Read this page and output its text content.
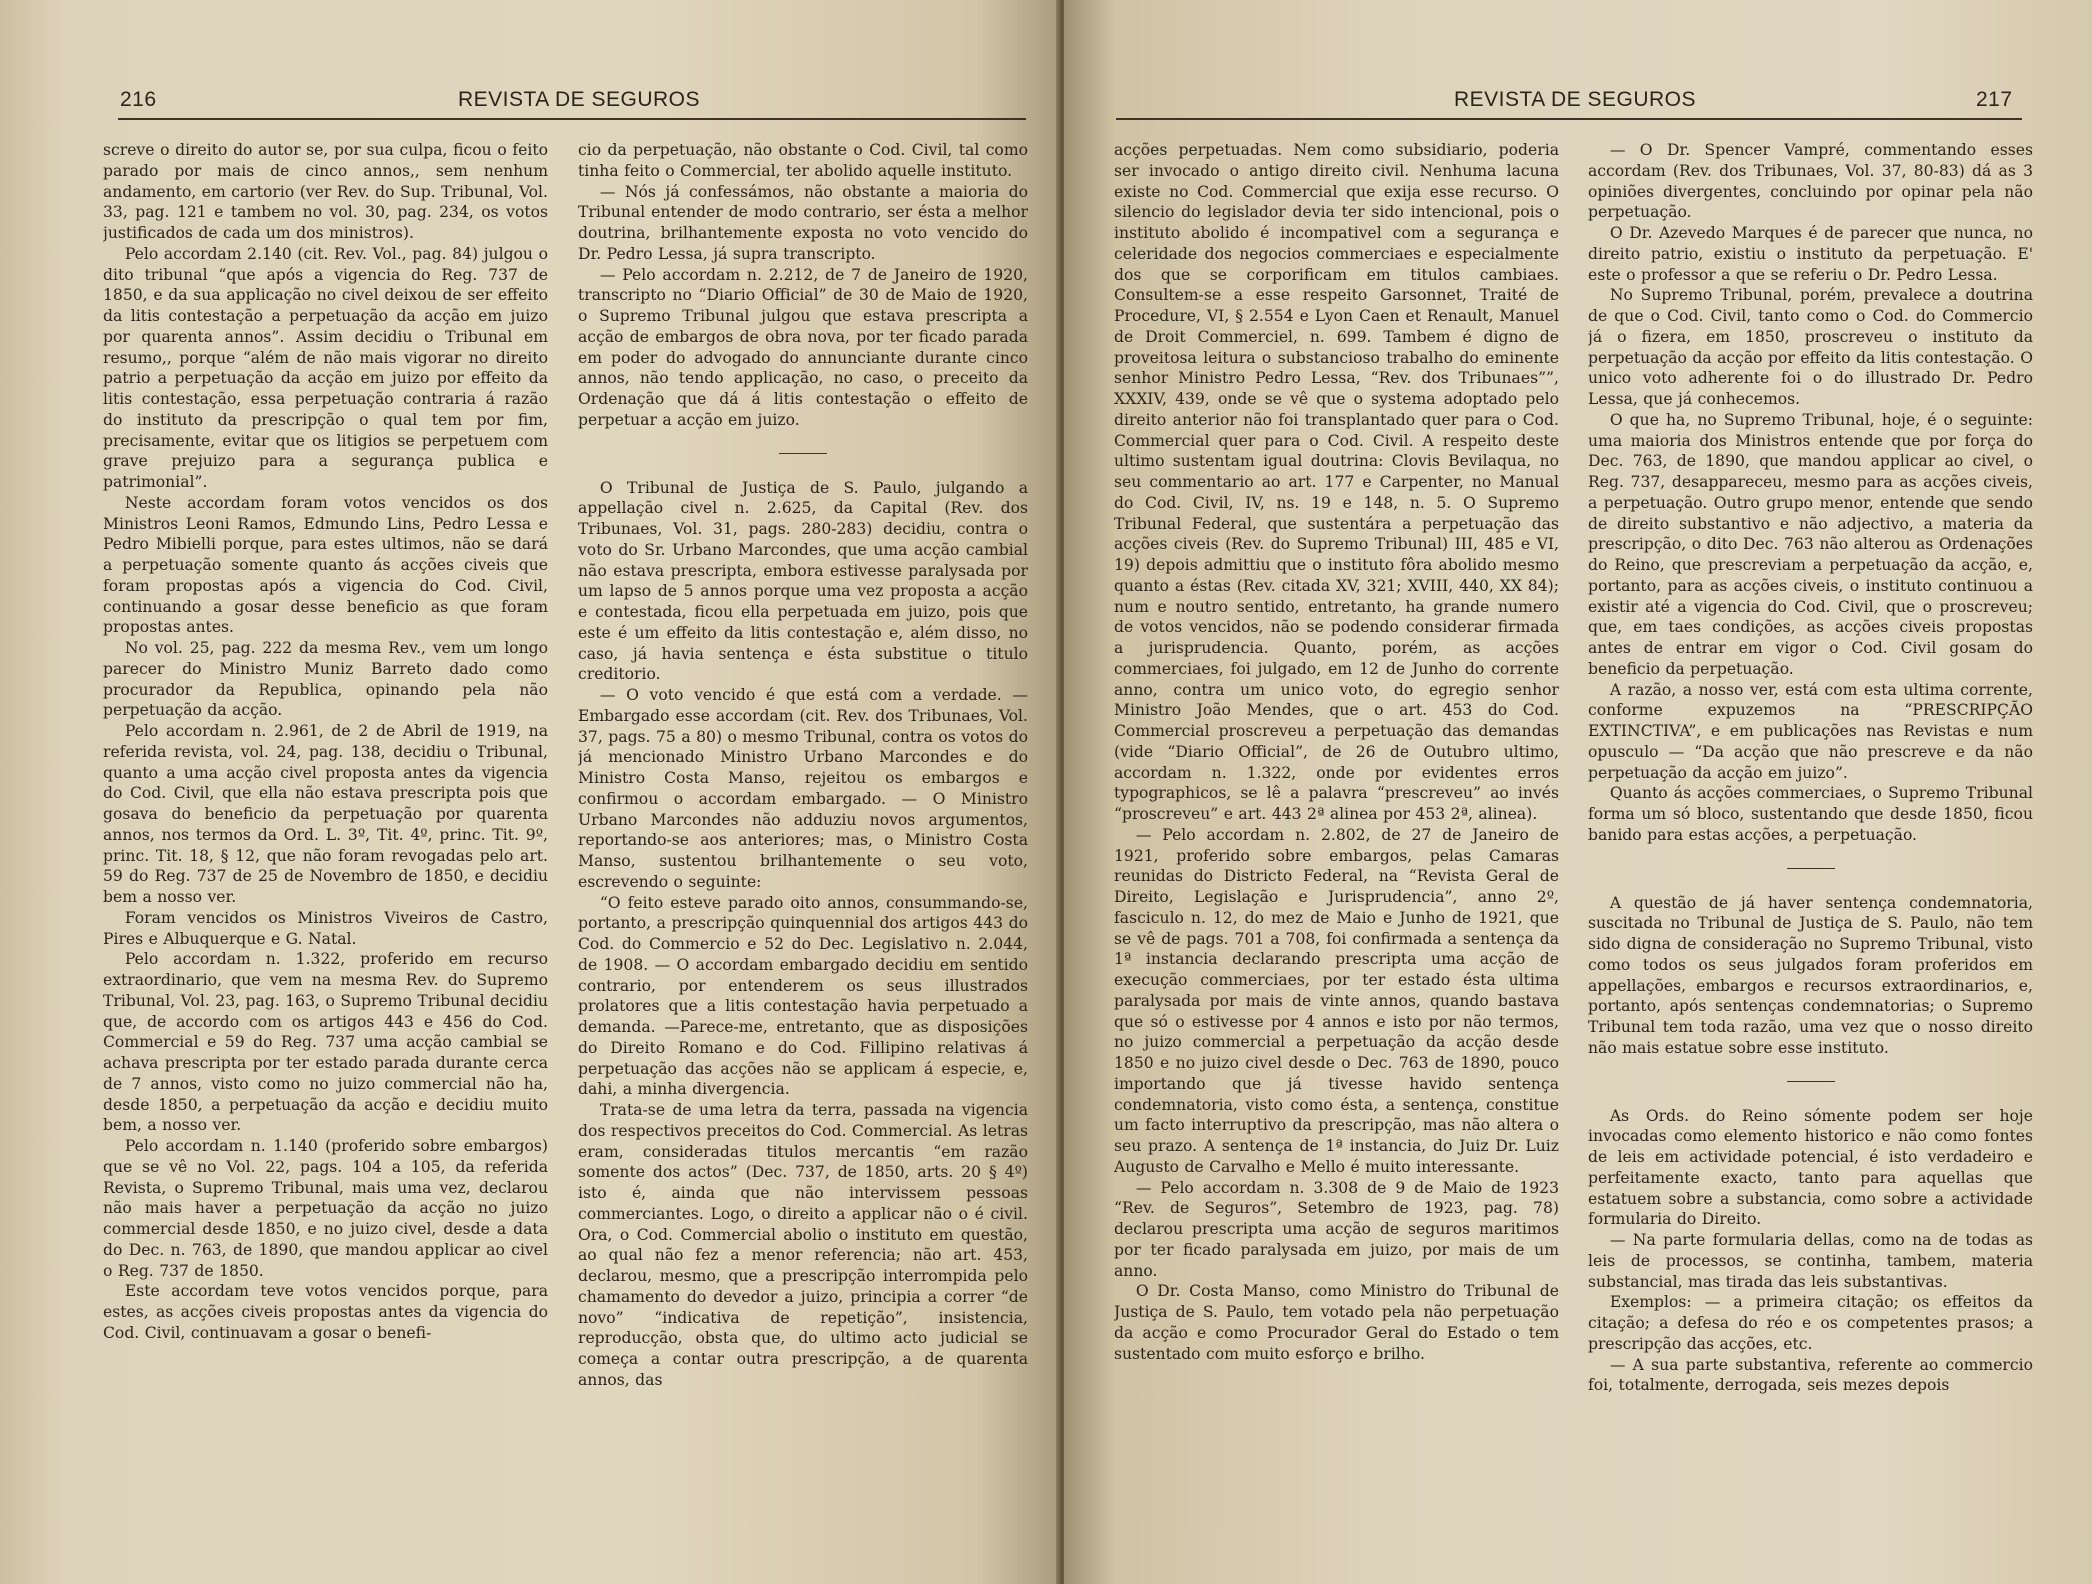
216	REVISTA DE SEGUROS

screve o direito do autor se, por sua culpa, ficou o feito parado por mais de cinco annos,, sem nenhum andamento, em cartorio (ver Rev. do Sup. Tribunal, Vol. 33, pag. 121 e tambem no vol. 30, pag. 234, os votos justificados de cada um dos ministros).

Pelo accordam 2.140 (cit. Rev. Vol., pag. 84) julgou o dito tribunal “que após a vigencia do Reg. 737 de 1850, e da sua applicação no civel deixou de ser effeito da litis contestação a perpetuação da acção em juizo por quarenta annos”. Assim decidiu o Tribunal em resumo,, porque “além de não mais vigorar no direito patrio a perpetuação da acção em juizo por effeito da litis contestação, essa perpetuação contraria á razão do instituto da prescripção o qual tem por fim, precisamente, evitar que os litigios se perpetuem com grave prejuizo para a segurança publica e patrimonial”.

Neste accordam foram votos vencidos os dos Ministros Leoni Ramos, Edmundo Lins, Pedro Lessa e Pedro Mibielli porque, para estes ultimos, não se dará a perpetuação somente quanto ás acções civeis que foram propostas após a vigencia do Cod. Civil, continuando a gosar desse beneficio as que foram propostas antes.

No vol. 25, pag. 222 da mesma Rev., vem um longo parecer do Ministro Muniz Barreto dado como procurador da Republica, opinando pela não perpetuação da acção.

Pelo accordam n. 2.961, de 2 de Abril de 1919, na referida revista, vol. 24, pag. 138, decidiu o Tribunal, quanto a uma acção civel proposta antes da vigencia do Cod. Civil, que ella não estava prescripta pois que gosava do beneficio da perpetuação por quarenta annos, nos termos da Ord. L. 3º, Tit. 4º, princ. Tit. 9º, princ. Tit. 18, § 12, que não foram revogadas pelo art. 59 do Reg. 737 de 25 de Novembro de 1850, e decidiu bem a nosso ver.

Foram vencidos os Ministros Viveiros de Castro, Pires e Albuquerque e G. Natal.

Pelo accordam n. 1.322, proferido em recurso extraordinario, que vem na mesma Rev. do Supremo Tribunal, Vol. 23, pag. 163, o Supremo Tribunal decidiu que, de accordo com os artigos 443 e 456 do Cod. Commercial e 59 do Reg. 737 uma acção cambial se achava prescripta por ter estado parada durante cerca de 7 annos, visto como no juizo commercial não ha, desde 1850, a perpetuação da acção e decidiu muito bem, a nosso ver.

Pelo accordam n. 1.140 (proferido sobre embargos) que se vê no Vol. 22, pags. 104 a 105, da referida Revista, o Supremo Tribunal, mais uma vez, declarou não mais haver a perpetuação da acção no juizo commercial desde 1850, e no juizo civel, desde a data do Dec. n. 763, de 1890, que mandou applicar ao civel o Reg. 737 de 1850.

Este accordam teve votos vencidos porque, para estes, as acções civeis propostas antes da vigencia do Cod. Civil, continuavam a gosar o benefi-

cio da perpetuação, não obstante o Cod. Civil, tal como tinha feito o Commercial, ter abolido aquelle instituto.

— Nós já confessámos, não obstante a maioria do Tribunal entender de modo contrario, ser ésta a melhor doutrina, brilhantemente exposta no voto vencido do Dr. Pedro Lessa, já supra transcripto.

— Pelo accordam n. 2.212, de 7 de Janeiro de 1920, transcripto no “Diario Official” de 30 de Maio de 1920, o Supremo Tribunal julgou que estava prescripta a acção de embargos de obra nova, por ter ficado parada em poder do advogado do annunciante durante cinco annos, não tendo applicação, no caso, o preceito da Ordenação que dá á litis contestação o effeito de perpetuar a acção em juizo.

O Tribunal de Justiça de S. Paulo, julgando a appellação civel n. 2.625, da Capital (Rev. dos Tribunaes, Vol. 31, pags. 280-283) decidiu, contra o voto do Sr. Urbano Marcondes, que uma acção cambial não estava prescripta, embora estivesse paralysada por um lapso de 5 annos porque uma vez proposta a acção e contestada, ficou ella perpetuada em juizo, pois que este é um effeito da litis contestação e, além disso, no caso, já havia sentença e ésta substitue o titulo creditorio.

— O voto vencido é que está com a verdade. — Embargado esse accordam (cit. Rev. dos Tribunaes, Vol. 37, pags. 75 a 80) o mesmo Tribunal, contra os votos do já mencionado Ministro Urbano Marcondes e do Ministro Costa Manso, rejeitou os embargos e confirmou o accordam embargado. — O Ministro Urbano Marcondes não adduziu novos argumentos, reportando-se aos anteriores; mas, o Ministro Costa Manso, sustentou brilhantemente o seu voto, escrevendo o seguinte:

“O feito esteve parado oito annos, consummando-se, portanto, a prescripção quinquennial dos artigos 443 do Cod. do Commercio e 52 do Dec. Legislativo n. 2.044, de 1908. — O accordam embargado decidiu em sentido contrario, por entenderem os seus illustrados prolatores que a litis contestação havia perpetuado a demanda. —Parece-me, entretanto, que as disposições do Direito Romano e do Cod. Fillipino relativas á perpetuação das acções não se applicam á especie, e, dahi, a minha divergencia.

Trata-se de uma letra da terra, passada na vigencia dos respectivos preceitos do Cod. Commercial. As letras eram, consideradas titulos mercantis “em razão somente dos actos” (Dec. 737, de 1850, arts. 20 § 4º) isto é, ainda que não intervissem pessoas commerciantes. Logo, o direito a applicar não o é civil. Ora, o Cod. Commercial abolio o instituto em questão, ao qual não fez a menor referencia; não art. 453, declarou, mesmo, que a prescripção interrompida pelo chamamento do devedor a juizo, principia a correr “de novo” “indicativa de repetição”, insistencia, reproducção, obsta que, do ultimo acto judicial se começa a contar outra prescripção, a de quarenta annos, das

REVISTA DE SEGUROS	217

acções perpetuadas. Nem como subsidiario, poderia ser invocado o antigo direito civil. Nenhuma lacuna existe no Cod. Commercial que exija esse recurso. O silencio do legislador devia ter sido intencional, pois o instituto abolido é incompativel com a segurança e celeridade dos negocios commerciaes e especialmente dos que se corporificam em titulos cambiaes. Consultem-se a esse respeito Garsonnet, Traité de Procedure, VI, § 2.554 e Lyon Caen et Renault, Manuel de Droit Commerciel, n. 699. Tambem é digno de proveitosa leitura o substancioso trabalho do eminente senhor Ministro Pedro Lessa, “Rev. dos Tribunaes””, XXXIV, 439, onde se vê que o systema adoptado pelo direito anterior não foi transplantado quer para o Cod. Commercial quer para o Cod. Civil. A respeito deste ultimo sustentam igual doutrina: Clovis Bevilaqua, no seu commentario ao art. 177 e Carpenter, no Manual do Cod. Civil, IV, ns. 19 e 148, n. 5. O Supremo Tribunal Federal, que sustentára a perpetuação das acções civeis (Rev. do Supremo Tribunal) III, 485 e VI, 19) depois admittiu que o instituto fôra abolido mesmo quanto a éstas (Rev. citada XV, 321; XVIII, 440, XX 84); num e noutro sentido, entretanto, ha grande numero de votos vencidos, não se podendo considerar firmada a jurisprudencia. Quanto, porém, as acções commerciaes, foi julgado, em 12 de Junho do corrente anno, contra um unico voto, do egregio senhor Ministro João Mendes, que o art. 453 do Cod. Commercial proscreveu a perpetuação das demandas (vide “Diario Official”, de 26 de Outubro ultimo, accordam n. 1.322, onde por evidentes erros typographicos, se lê a palavra “prescreveu” ao invés “proscreveu” e art. 443 2ª alinea por 453 2ª, alinea).

— Pelo accordam n. 2.802, de 27 de Janeiro de 1921, proferido sobre embargos, pelas Camaras reunidas do Districto Federal, na “Revista Geral de Direito, Legislação e Jurisprudencia”, anno 2º, fasciculo n. 12, do mez de Maio e Junho de 1921, que se vê de pags. 701 a 708, foi confirmada a sentença da 1ª instancia declarando prescripta uma acção de execução commerciaes, por ter estado ésta ultima paralysada por mais de vinte annos, quando bastava que só o estivesse por 4 annos e isto por não termos, no juizo commercial a perpetuação da acção desde 1850 e no juizo civel desde o Dec. 763 de 1890, pouco importando que já tivesse havido sentença condemnatoria, visto como ésta, a sentença, constitue um facto interruptivo da prescripção, mas não altera o seu prazo. A sentença de 1ª instancia, do Juiz Dr. Luiz Augusto de Carvalho e Mello é muito interessante.

— Pelo accordam n. 3.308 de 9 de Maio de 1923 “Rev. de Seguros”, Setembro de 1923, pag. 78) declarou prescripta uma acção de seguros maritimos por ter ficado paralysada em juizo, por mais de um anno.

O Dr. Costa Manso, como Ministro do Tribunal de Justiça de S. Paulo, tem votado pela não perpetuação da acção e como Procurador Geral do Estado o tem sustentado com muito esforço e brilho.

— O Dr. Spencer Vampré, commentando esses accordam (Rev. dos Tribunaes, Vol. 37, 80-83) dá as 3 opiniões divergentes, concluindo por opinar pela não perpetuação.

O Dr. Azevedo Marques é de parecer que nunca, no direito patrio, existiu o instituto da perpetuação. E' este o professor a que se referiu o Dr. Pedro Lessa.

No Supremo Tribunal, porém, prevalece a doutrina de que o Cod. Civil, tanto como o Cod. do Commercio já o fizera, em 1850, proscreveu o instituto da perpetuação da acção por effeito da litis contestação. O unico voto adherente foi o do illustrado Dr. Pedro Lessa, que já conhecemos.

O que ha, no Supremo Tribunal, hoje, é o seguinte: uma maioria dos Ministros entende que por força do Dec. 763, de 1890, que mandou applicar ao civel, o Reg. 737, desappareceu, mesmo para as acções civeis, a perpetuação. Outro grupo menor, entende que sendo de direito substantivo e não adjectivo, a materia da prescripção, o dito Dec. 763 não alterou as Ordenações do Reino, que prescreviam a perpetuação da acção, e, portanto, para as acções civeis, o instituto continuou a existir até a vigencia do Cod. Civil, que o proscreveu; que, em taes condições, as acções civeis propostas antes de entrar em vigor o Cod. Civil gosam do beneficio da perpetuação.

A razão, a nosso ver, está com esta ultima corrente, conforme expuzemos na “PRESCRIPÇÃO EXTINCTIVA”, e em publicações nas Revistas e num opusculo — “Da acção que não prescreve e da não perpetuação da acção em juizo”.

Quanto ás acções commerciaes, o Supremo Tribunal forma um só bloco, sustentando que desde 1850, ficou banido para estas acções, a perpetuação.

A questão de já haver sentença condemnatoria, suscitada no Tribunal de Justiça de S. Paulo, não tem sido digna de consideração no Supremo Tribunal, visto como todos os seus julgados foram proferidos em appellações, embargos e recursos extraordinarios, e, portanto, após sentenças condemnatorias; o Supremo Tribunal tem toda razão, uma vez que o nosso direito não mais estatue sobre esse instituto.

As Ords. do Reino sómente podem ser hoje invocadas como elemento historico e não como fontes de leis em actividade potencial, é isto verdadeiro e perfeitamente exacto, tanto para aquellas que estatuem sobre a substancia, como sobre a actividade formularia do Direito.

— Na parte formularia dellas, como na de todas as leis de processos, se continha, tambem, materia substancial, mas tirada das leis substantivas.

Exemplos: — a primeira citação; os effeitos da citação; a defesa do réo e os competentes prasos; a prescripção das acções, etc.

— A sua parte substantiva, referente ao commercio foi, totalmente, derrogada, seis mezes depois
